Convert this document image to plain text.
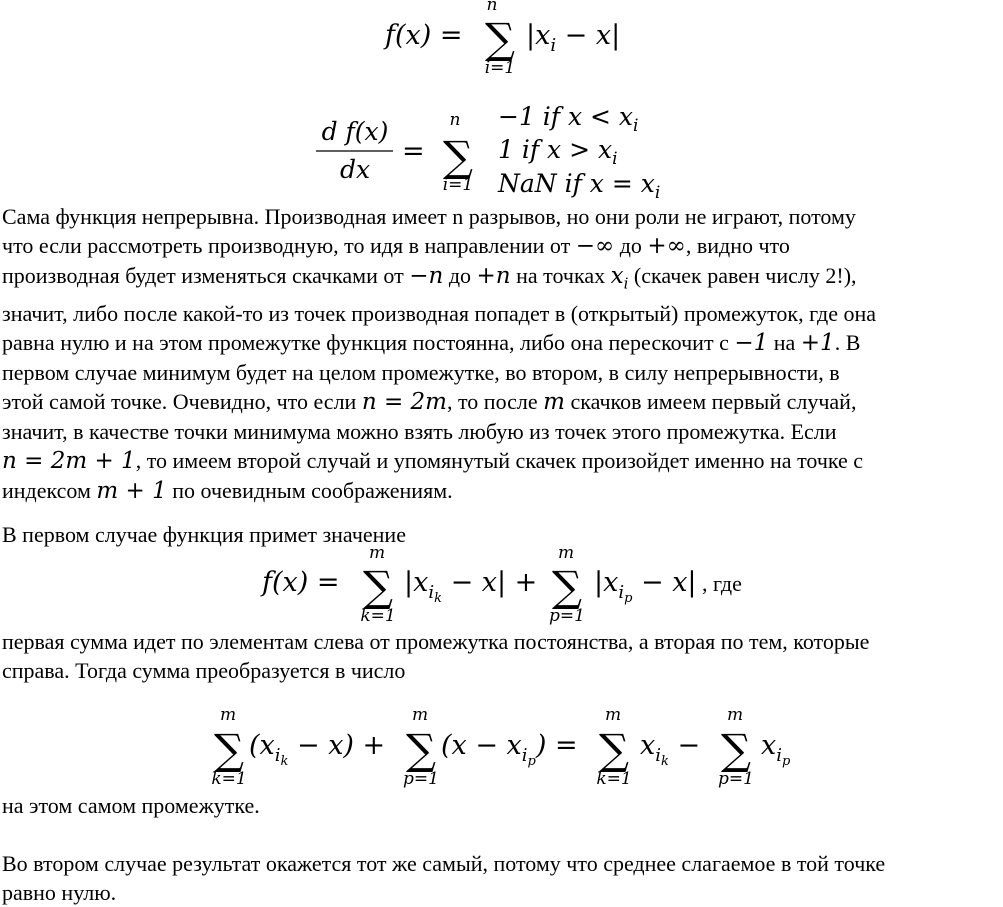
f(x) =
n
∑
i=1
$|x_i - x|$
d f(x)
dx
=
n
∑
i=1
−1 if $x < x_i$
1 if $x > x_i$
NaN if $x = x_i$
Сама функция непрерывна. Производная имеет n разрывов, но они роли не играют, потому
что если рассмотреть производную, то идя в направлении от −∞ до +∞, видно что
производная будет изменяться скачками от −n до +n на точках $x_i$ (скачек равен числу 2!),
значит, либо после какой-то из точек производная попадет в (открытый) промежуток, где она
равна нулю и на этом промежутке функция постоянна, либо она перескочит с −1 на +1. В
первом случае минимум будет на целом промежутке, во втором, в силу непрерывности, в
этой самой точке. Очевидно, что если n = 2m, то после m скачков имеем первый случай,
значит, в качестве точки минимума можно взять любую из точек этого промежутка. Если
n = 2m + 1, то имеем второй случай и упомянутый скачек произойдет именно на точке с
индексом m + 1 по очевидным соображениям.
В первом случае функция примет значение
f(x) =
m
∑
k=1
$|x_ik - x|$ +
m
∑
p=1
$|x_ip - x|$ , где
первая сумма идет по элементам слева от промежутка постоянства, а вторая по тем, которые
справа. Тогда сумма преобразуется в число
m
∑
k=1
$(x_ik - x)$ +
m
∑
p=1
$(x - x_ip)$ =
m
∑
k=1
$x_ik$ −
m
∑
p=1
$x_ip$
на этом самом промежутке.
Во втором случае результат окажется тот же самый, потому что среднее слагаемое в той точке
равно нулю.
